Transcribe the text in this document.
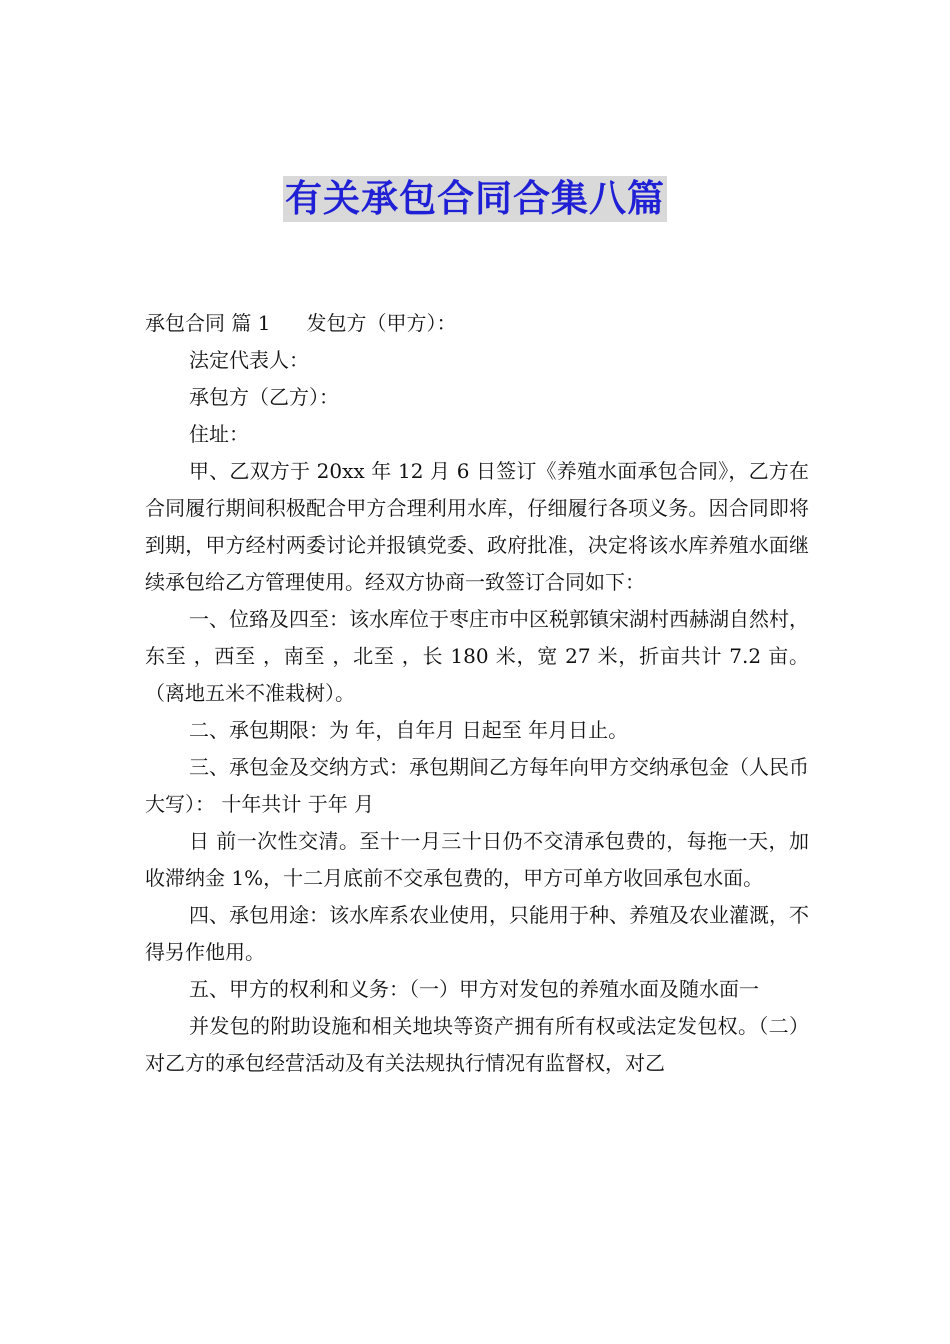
有关承包合同合集八篇

承包合同 篇 1 发包方（甲方）：

法定代表人：

承包方（乙方）：

住址：

甲、乙双方于 20xx 年 12 月 6 日签订《养殖水面承包合同》，乙方在合同履行期间积极配合甲方合理利用水库，仔细履行各项义务。因合同即将到期，甲方经村两委讨论并报镇党委、政府批准，决定将该水库养殖水面继续承包给乙方管理使用。经双方协商一致签订合同如下：

一、位臵及四至：该水库位于枣庄市中区税郭镇宋湖村西赫湖自然村，东至 ，西至 ，南至 ，北至 ，长 180 米，宽 27 米，折亩共计 7.2 亩。（离地五米不准栽树）。

二、承包期限：为 年，自年月 日起至 年月日止。

三、承包金及交纳方式：承包期间乙方每年向甲方交纳承包金（人民币大写）： 十年共计 于年 月

日 前一次性交清。至十一月三十日仍不交清承包费的，每拖一天，加收滞纳金 1%，十二月底前不交承包费的，甲方可单方收回承包水面。

四、承包用途：该水库系农业使用，只能用于种、养殖及农业灌溉，不得另作他用。

五、甲方的权利和义务：（一）甲方对发包的养殖水面及随水面一

并发包的附助设施和相关地块等资产拥有所有权或法定发包权。（二）对乙方的承包经营活动及有关法规执行情况有监督权，对乙
